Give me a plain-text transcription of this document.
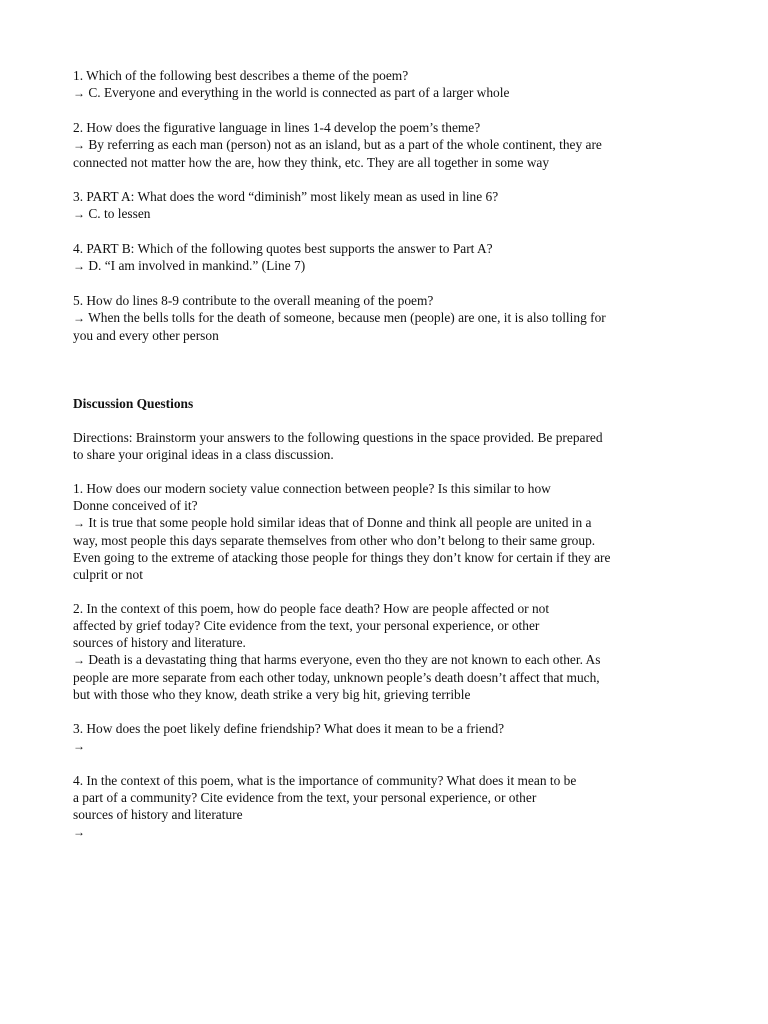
1. Which of the following best describes a theme of the poem?
→ C. Everyone and everything in the world is connected as part of a larger whole
2. How does the figurative language in lines 1-4 develop the poem’s theme?
→ By referring as each man (person) not as an island, but as a part of the whole continent, they are
connected not matter how the are, how they think, etc. They are all together in some way
3. PART A: What does the word “diminish” most likely mean as used in line 6?
→ C. to lessen
4. PART B: Which of the following quotes best supports the answer to Part A?
→ D. “I am involved in mankind.” (Line 7)
5. How do lines 8-9 contribute to the overall meaning of the poem?
→ When the bells tolls for the death of someone, because men (people) are one, it is also tolling for
you and every other person
Discussion Questions
Directions: Brainstorm your answers to the following questions in the space provided. Be prepared
to share your original ideas in a class discussion.
1. How does our modern society value connection between people? Is this similar to how
Donne conceived of it?
→ It is true that some people hold similar ideas that of Donne and think all people are united in a
way, most people this days separate themselves from other who don’t belong to their same group.
Even going to the extreme of atacking those people for things they don’t know for certain if they are
culprit or not
2. In the context of this poem, how do people face death? How are people affected or not
affected by grief today? Cite evidence from the text, your personal experience, or other
sources of history and literature.
→ Death is a devastating thing that harms everyone, even tho they are not known to each other. As
people are more separate from each other today, unknown people’s death doesn’t affect that much,
but with those who they know, death strike a very big hit, grieving terrible
3. How does the poet likely define friendship? What does it mean to be a friend?
→
4. In the context of this poem, what is the importance of community? What does it mean to be
a part of a community? Cite evidence from the text, your personal experience, or other
sources of history and literature
→
